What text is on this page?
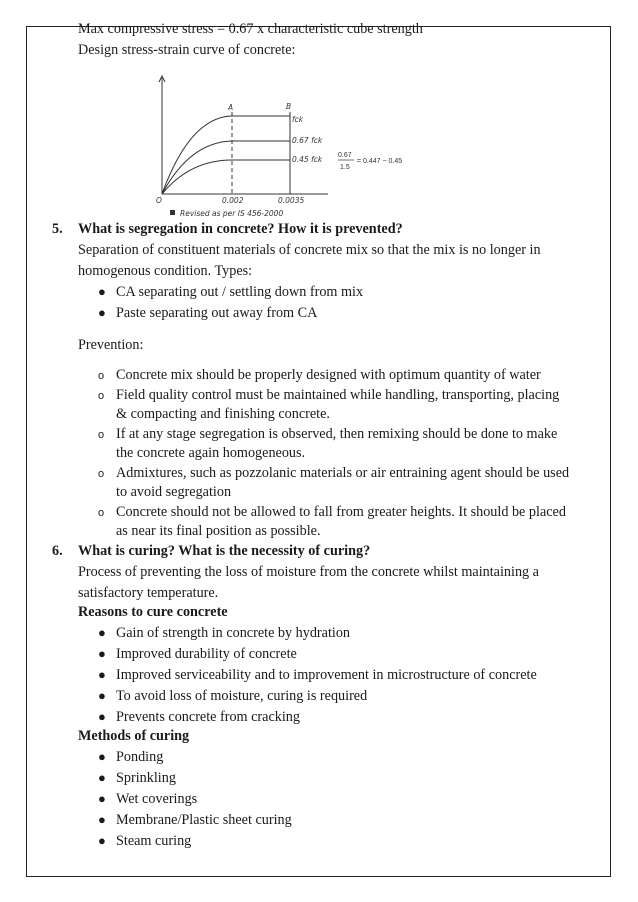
Max compressive stress = 0.67 x characteristic cube strength
Design stress-strain curve of concrete:
A	B
fck
0.67 fck
0.45 fck
O	0.002	0.0035
Revised as per IS 456-2000
0.67
1.5
= 0.447 ~ 0.45
5. What is segregation in concrete? How it is prevented?
Separation of constituent materials of concrete mix so that the mix is no longer in
homogenous condition. Types:
● CA separating out / settling down from mix
● Paste separating out away from CA
Prevention:
o Concrete mix should be properly designed with optimum quantity of water
o Field quality control must be maintained while handling, transporting, placing
& compacting and finishing concrete.
o If at any stage segregation is observed, then remixing should be done to make
the concrete again homogeneous.
o Admixtures, such as pozzolanic materials or air entraining agent should be used
to avoid segregation
o Concrete should not be allowed to fall from greater heights. It should be placed
as near its final position as possible.
6. What is curing? What is the necessity of curing?
Process of preventing the loss of moisture from the concrete whilst maintaining a
satisfactory temperature.
Reasons to cure concrete
● Gain of strength in concrete by hydration
● Improved durability of concrete
● Improved serviceability and to improvement in microstructure of concrete
● To avoid loss of moisture, curing is required
● Prevents concrete from cracking
Methods of curing
● Ponding
● Sprinkling
● Wet coverings
● Membrane/Plastic sheet curing
● Steam curing
